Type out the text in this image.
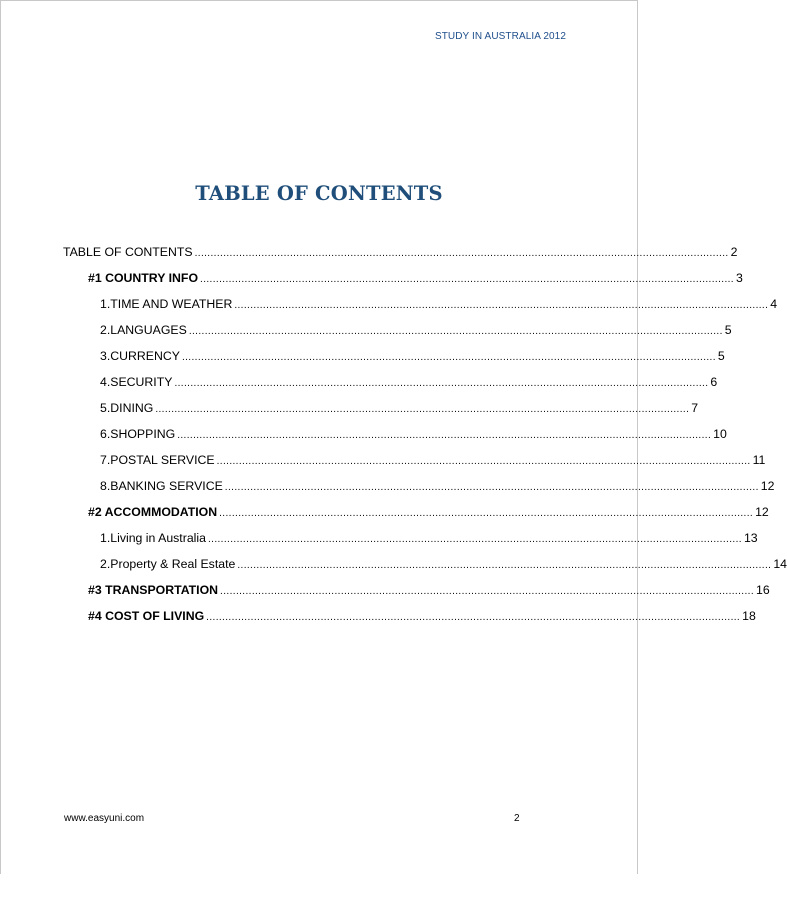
STUDY IN AUSTRALIA 2012
TABLE OF CONTENTS
TABLE OF CONTENTS ........................................................................................................................................................................ 2
#1 COUNTRY INFO ........................................................................................................................................................................ 3
1. TIME AND WEATHER ........................................................................................................................................................................ 4
2. LANGUAGES ........................................................................................................................................................................ 5
3. CURRENCY ........................................................................................................................................................................ 5
4. SECURITY ........................................................................................................................................................................ 6
5. DINING ........................................................................................................................................................................ 7
6. SHOPPING ........................................................................................................................................................................ 10
7. POSTAL SERVICE ........................................................................................................................................................................ 11
8. BANKING SERVICE ........................................................................................................................................................................ 12
#2 ACCOMMODATION ........................................................................................................................................................................ 12
1. Living in Australia ........................................................................................................................................................................ 13
2. Property & Real Estate ........................................................................................................................................................................ 14
#3 TRANSPORTATION ........................................................................................................................................................................ 16
#4 COST OF LIVING ........................................................................................................................................................................ 18
www.easyuni.com	2
